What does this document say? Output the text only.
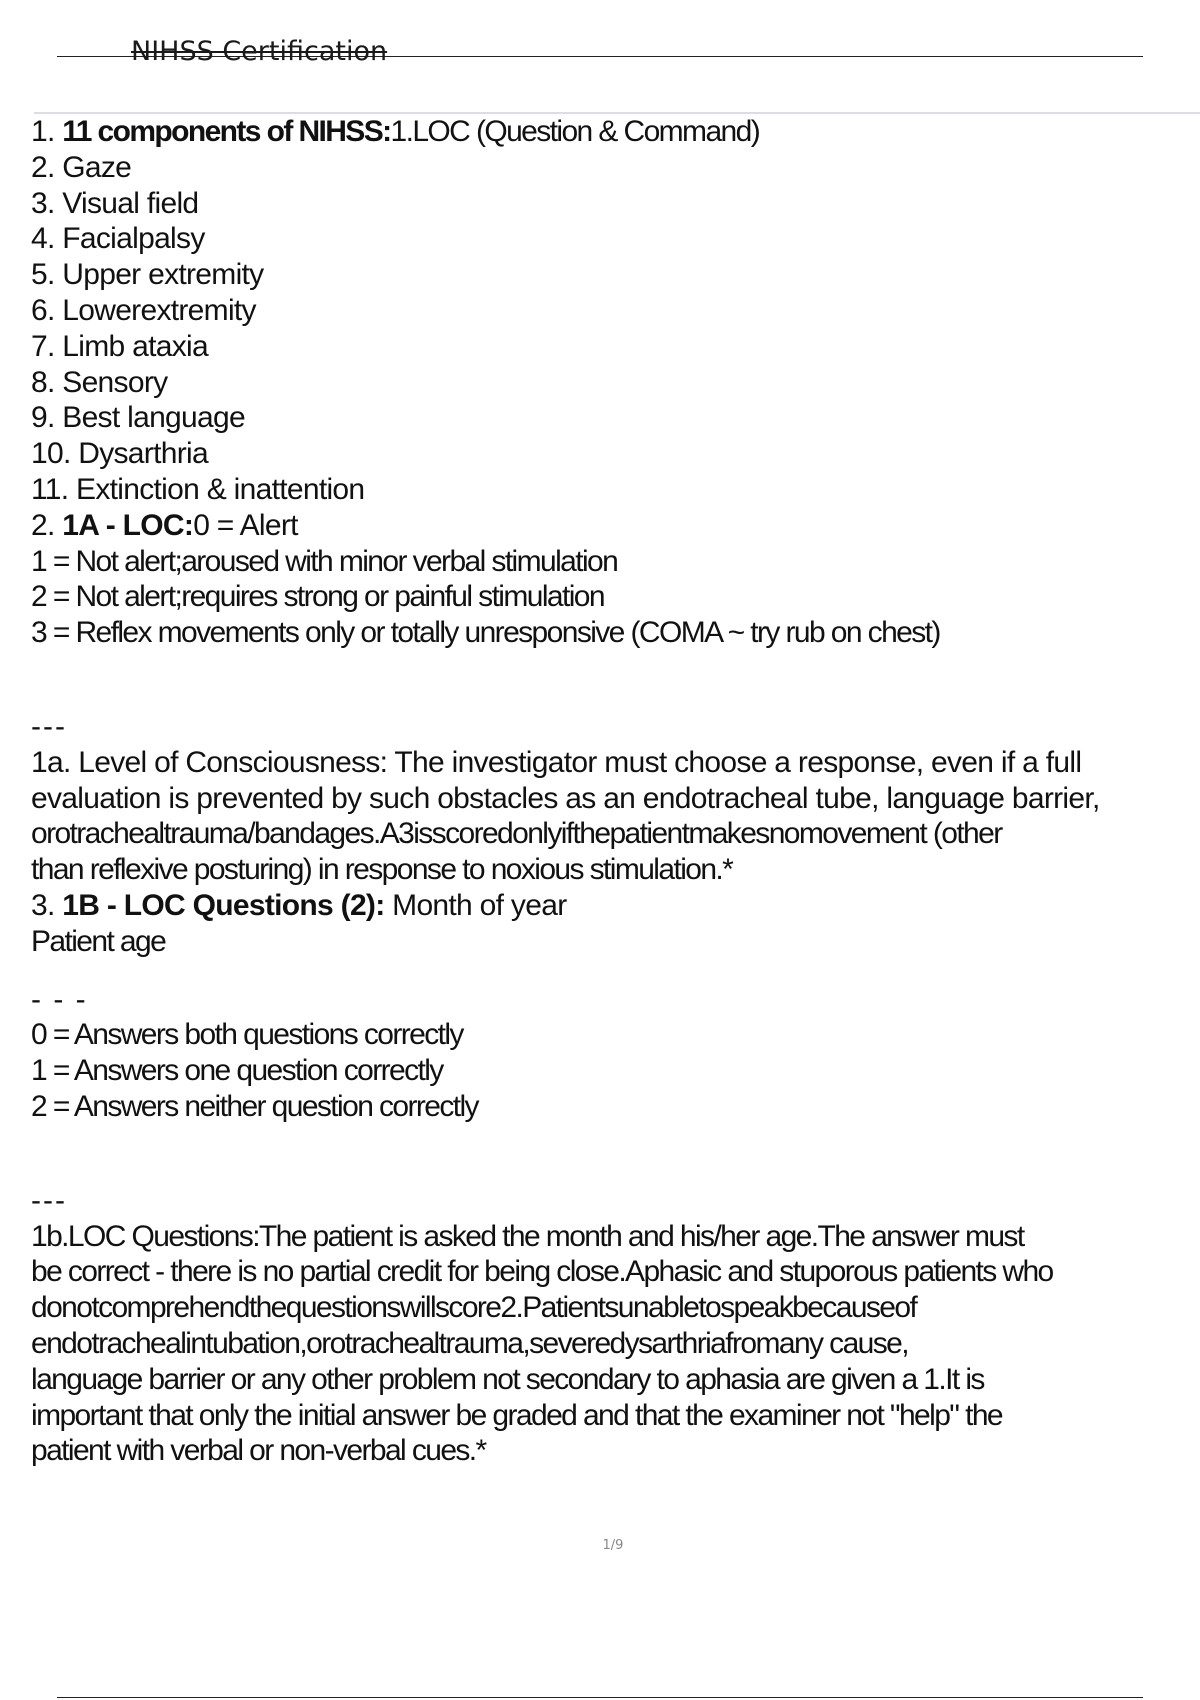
NIHSS Certification
1. 11 components of NIHSS:1.LOC (Question & Command)
2. Gaze
3. Visual field
4. Facialpalsy
5. Upper extremity
6. Lowerextremity
7. Limb ataxia
8. Sensory
9. Best language
10. Dysarthria
11. Extinction & inattention
2. 1A - LOC:0 = Alert
1 = Not alert;aroused with minor verbal stimulation
2 = Not alert;requires strong or painful stimulation
3 = Reflex movements only or totally unresponsive (COMA ~ try rub on chest)
---
1a. Level of Consciousness: The investigator must choose a response, even if a full
evaluation is prevented by such obstacles as an endotracheal tube, language barrier,
orotrachealtrauma/bandages.A3isscoredonlyifthepatientmakesnomovement (other
than reflexive posturing) in response to noxious stimulation.*
3. 1B - LOC Questions (2): Month of year
Patient age
- - -
0 = Answers both questions correctly
1 = Answers one question correctly
2 = Answers neither question correctly
---
1b.LOC Questions:The patient is asked the month and his/her age.The answer must
be correct - there is no partial credit for being close.Aphasic and stuporous patients who
donotcomprehendthequestionswillscore2.Patientsunabletospeakbecauseof
endotrachealintubation,orotrachealtrauma,severedysarthriafromany cause,
language barrier or any other problem not secondary to aphasia are given a 1.It is
important that only the initial answer be graded and that the examiner not "help" the
patient with verbal or non-verbal cues.*
1/9
